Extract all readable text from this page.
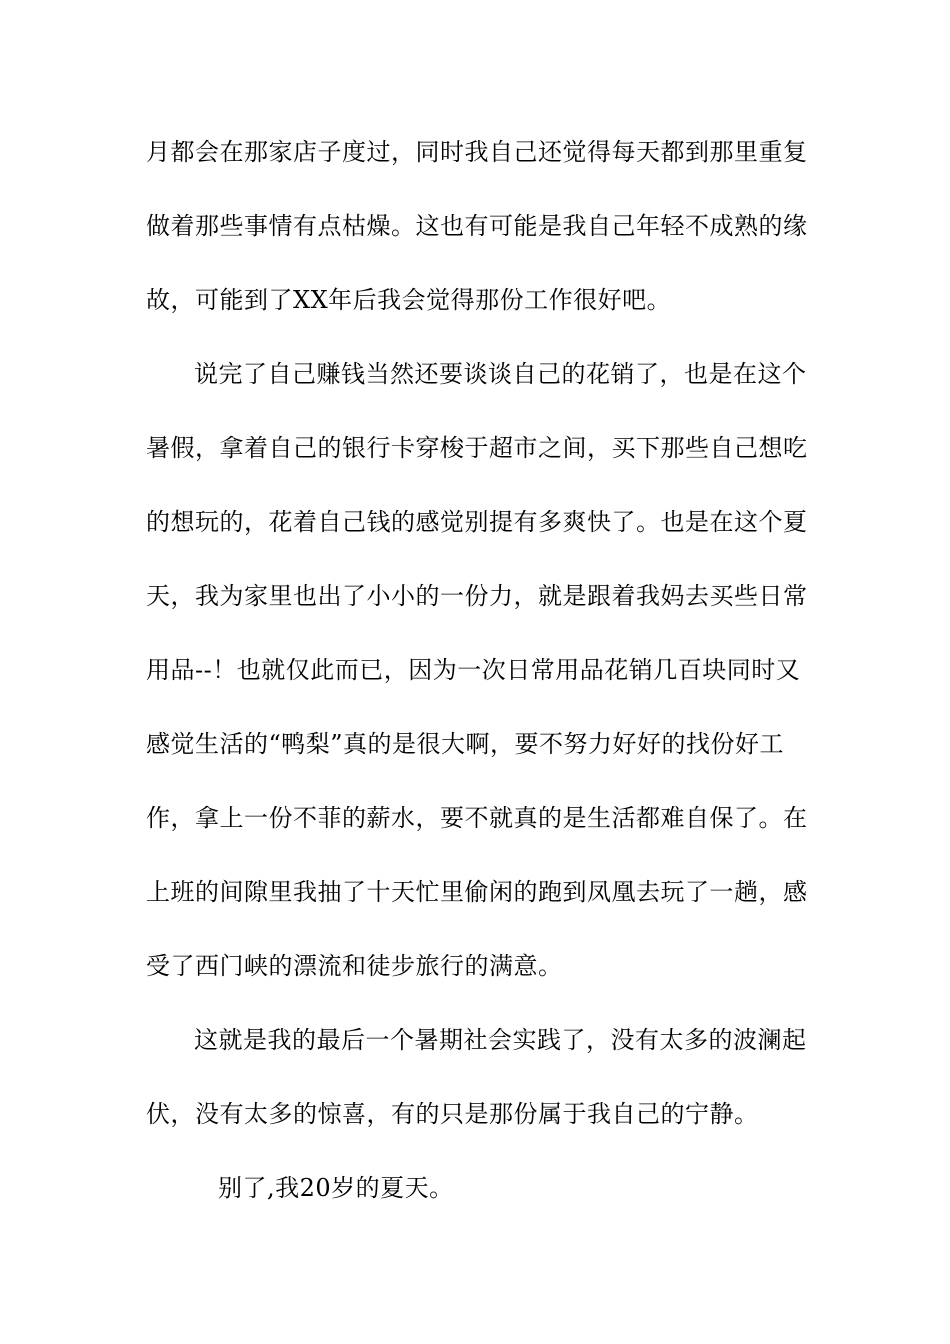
月都会在那家店子度过，同时我自己还觉得每天都到那里重复
做着那些事情有点枯燥。这也有可能是我自己年轻不成熟的缘
故，可能到了XX年后我会觉得那份工作很好吧。
说完了自己赚钱当然还要谈谈自己的花销了，也是在这个
暑假，拿着自己的银行卡穿梭于超市之间，买下那些自己想吃
的想玩的，花着自己钱的感觉别提有多爽快了。也是在这个夏
天，我为家里也出了小小的一份力，就是跟着我妈去买些日常
用品--！也就仅此而已，因为一次日常用品花销几百块同时又
感觉生活的“鸭梨”真的是很大啊，要不努力好好的找份好工
作，拿上一份不菲的薪水，要不就真的是生活都难自保了。在
上班的间隙里我抽了十天忙里偷闲的跑到凤凰去玩了一趟，感
受了西门峡的漂流和徒步旅行的满意。
这就是我的最后一个暑期社会实践了，没有太多的波澜起
伏，没有太多的惊喜，有的只是那份属于我自己的宁静。
别了,我20岁的夏天。
